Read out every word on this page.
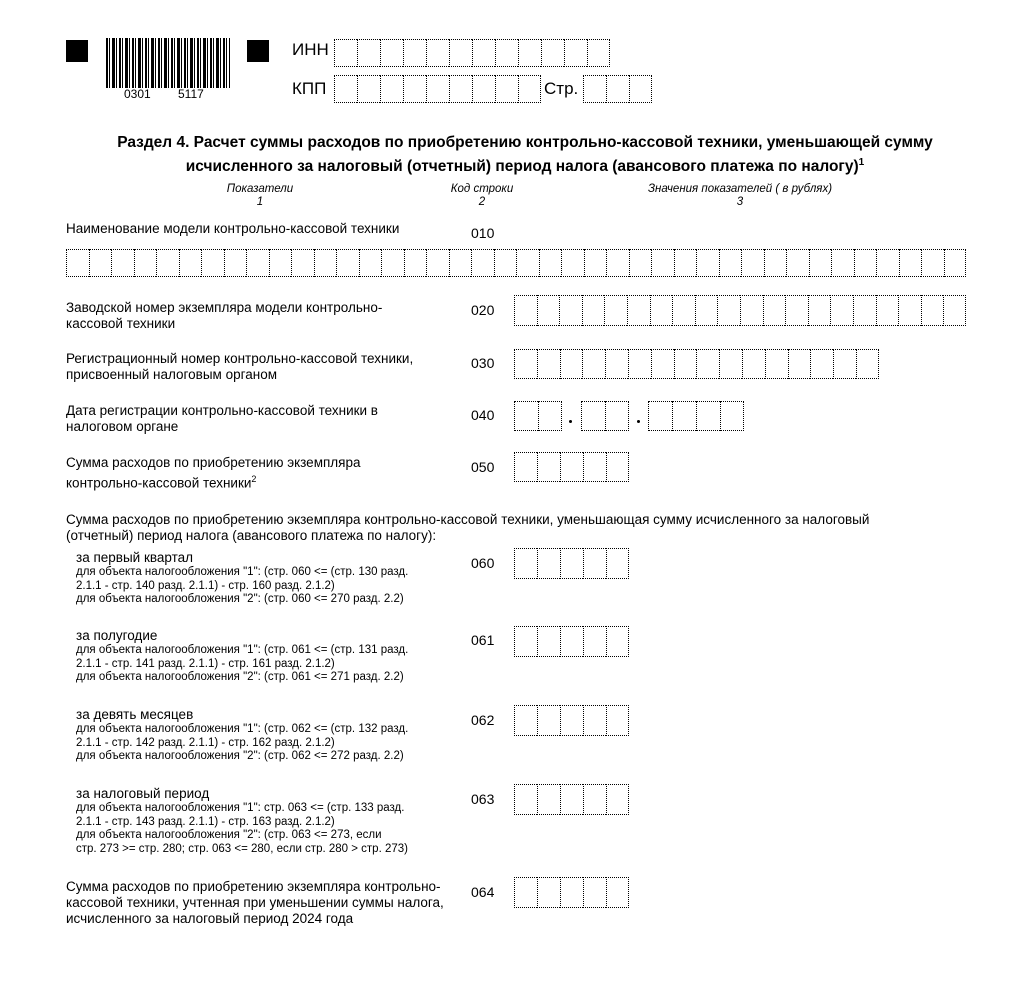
0301 5117
ИНН
КПП	Стр.
Раздел 4. Расчет суммы расходов по приобретению контрольно-кассовой техники, уменьшающей сумму
исчисленного за налоговый (отчетный) период налога (авансового платежа по налогу)$^1$
Показатели
1
Код строки
2
Значения показателей ( в рублях)
3
Наименование модели контрольно-кассовой техники	010
Заводской номер экземпляра модели контрольно-
кассовой техники
020
Регистрационный номер контрольно-кассовой техники,
присвоенный налоговым органом
030
Дата регистрации контрольно-кассовой техники в
налоговом органе
040
Сумма расходов по приобретению экземпляра
контрольно-кассовой техники$^2$
050
Сумма расходов по приобретению экземпляра контрольно-кассовой техники, уменьшающая сумму исчисленного за налоговый
(отчетный) период налога (авансового платежа по налогу):
за первый квартал
для объекта налогообложения "1": (стр. 060 <= (стр. 130 разд.
2.1.1 - стр. 140 разд. 2.1.1) - стр. 160 разд. 2.1.2)
для объекта налогообложения "2": (стр. 060 <= 270 разд. 2.2)
060
за полугодие
для объекта налогообложения "1": (стр. 061 <= (стр. 131 разд.
2.1.1 - стр. 141 разд. 2.1.1) - стр. 161 разд. 2.1.2)
для объекта налогообложения "2": (стр. 061 <= 271 разд. 2.2)
061
за девять месяцев
для объекта налогообложения "1": (стр. 062 <= (стр. 132 разд.
2.1.1 - стр. 142 разд. 2.1.1) - стр. 162 разд. 2.1.2)
для объекта налогообложения "2": (стр. 062 <= 272 разд. 2.2)
062
за налоговый период
для объекта налогообложения "1": стр. 063 <= (стр. 133 разд.
2.1.1 - стр. 143 разд. 2.1.1) - стр. 163 разд. 2.1.2)
для объекта налогообложения "2": (стр. 063 <= 273, если
стр. 273 >= стр. 280; стр. 063 <= 280, если стр. 280 > стр. 273)
063
Сумма расходов по приобретению экземпляра контрольно-
кассовой техники, учтенная при уменьшении суммы налога,
исчисленного за налоговый период 2024 года
064
